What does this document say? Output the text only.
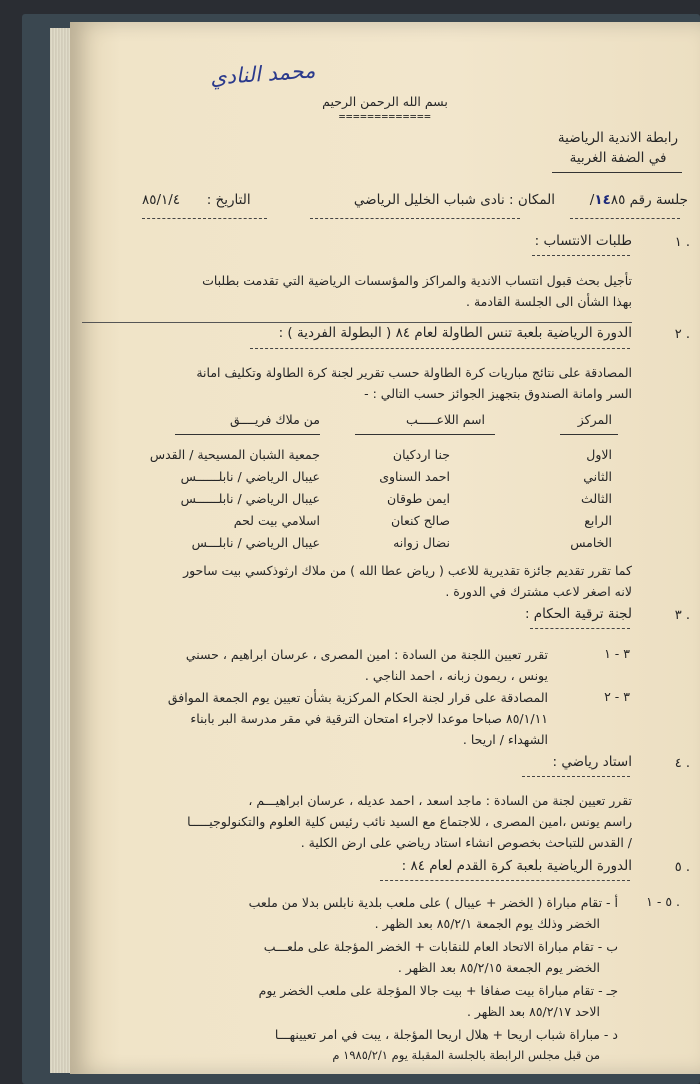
محمد النادي
بسم الله الرحمن الرحيم
=============
رابطة الاندية الرياضية
في الضفة الغربية
جلسة رقم ١٤٨٥/
المكان : نادى شباب الخليل الرياضي
التاريخ :  ٨٥/١/٤
١ .
طلبات الانتساب :
تأجيل بحث قبول انتساب الاندية والمراكز والمؤسسات الرياضية التي تقدمت بطلبات
بهذا الشأن الى الجلسة القادمة .
٢ .
الدورة الرياضية بلعبة تنس الطاولة لعام ٨٤ ( البطولة الفردية ) :
المصادقة على نتائج مباريات كرة الطاولة حسب تقرير لجنة كرة الطاولة وتكليف امانة
السر وامانة الصندوق بتجهيز الجوائز حسب التالي : -
المركز
اسم اللاعـــــب
من ملاك فريــــق
الاول
جنا اردكيان
جمعية الشبان المسيحية / القدس
الثاني
احمد السناوى
عيبال الرياضي / نابلــــــس
الثالث
ايمن طوقان
عيبال الرياضي / نابلــــــس
الرابع
صالح كنعان
اسلامي بيت لحم
الخامس
نضال زوانه
عيبال الرياضي / نابلـــس
كما تقرر تقديم جائزة تقديرية للاعب ( رياض عطا الله ) من ملاك ارثوذكسي بيت ساحور
لانه اصغر لاعب مشترك في الدورة .
٣ .
لجنة ترقية الحكام :
٣ - ١
تقرر تعيين اللجنة من السادة : امين المصرى ، عرسان ابراهيم ، حسني
يونس ، ريمون زبانه ، احمد الناجي .
٣ - ٢
المصادقة على قرار لجنة الحكام المركزية بشأن تعيين يوم الجمعة الموافق
٨٥/١/١١ صباحا موعدا لاجراء امتحان الترقية في مقر مدرسة البر بابناء
الشهداء / اريحا .
٤ .
استاد رياضي :
تقرر تعيين لجنة من السادة : ماجد اسعد ، احمد عديله ، عرسان ابراهيـــم ،
راسم يونس ،امين المصرى ، للاجتماع مع السيد نائب رئيس كلية العلوم والتكنولوجيـــــا
/ القدس للتباحث بخصوص انشاء استاد رياضي على ارض الكلية .
٥ .
الدورة الرياضية بلعبة كرة القدم لعام ٨٤ :
٥ - ١ .
أ - تقام مباراة ( الخضر + عيبال ) على ملعب بلدية نابلس بدلا من ملعب
الخضر وذلك يوم الجمعة ٨٥/٢/١ بعد الظهر .
ب - تقام مباراة الاتحاد العام للنقابات + الخضر المؤجلة على ملعـــب
الخضر يوم الجمعة ٨٥/٢/١٥ بعد الظهر .
جـ - تقام مباراة بيت صفافا + بيت جالا المؤجلة على ملعب الخضر يوم
الاحد ٨٥/٢/١٧ بعد الظهر .
د - مباراة شباب اريحا + هلال اريحا المؤجلة ، يبت في امر تعيينهـــا
من قبل مجلس الرابطة بالجلسة المقبلة يوم ١٩٨٥/٢/١ م
